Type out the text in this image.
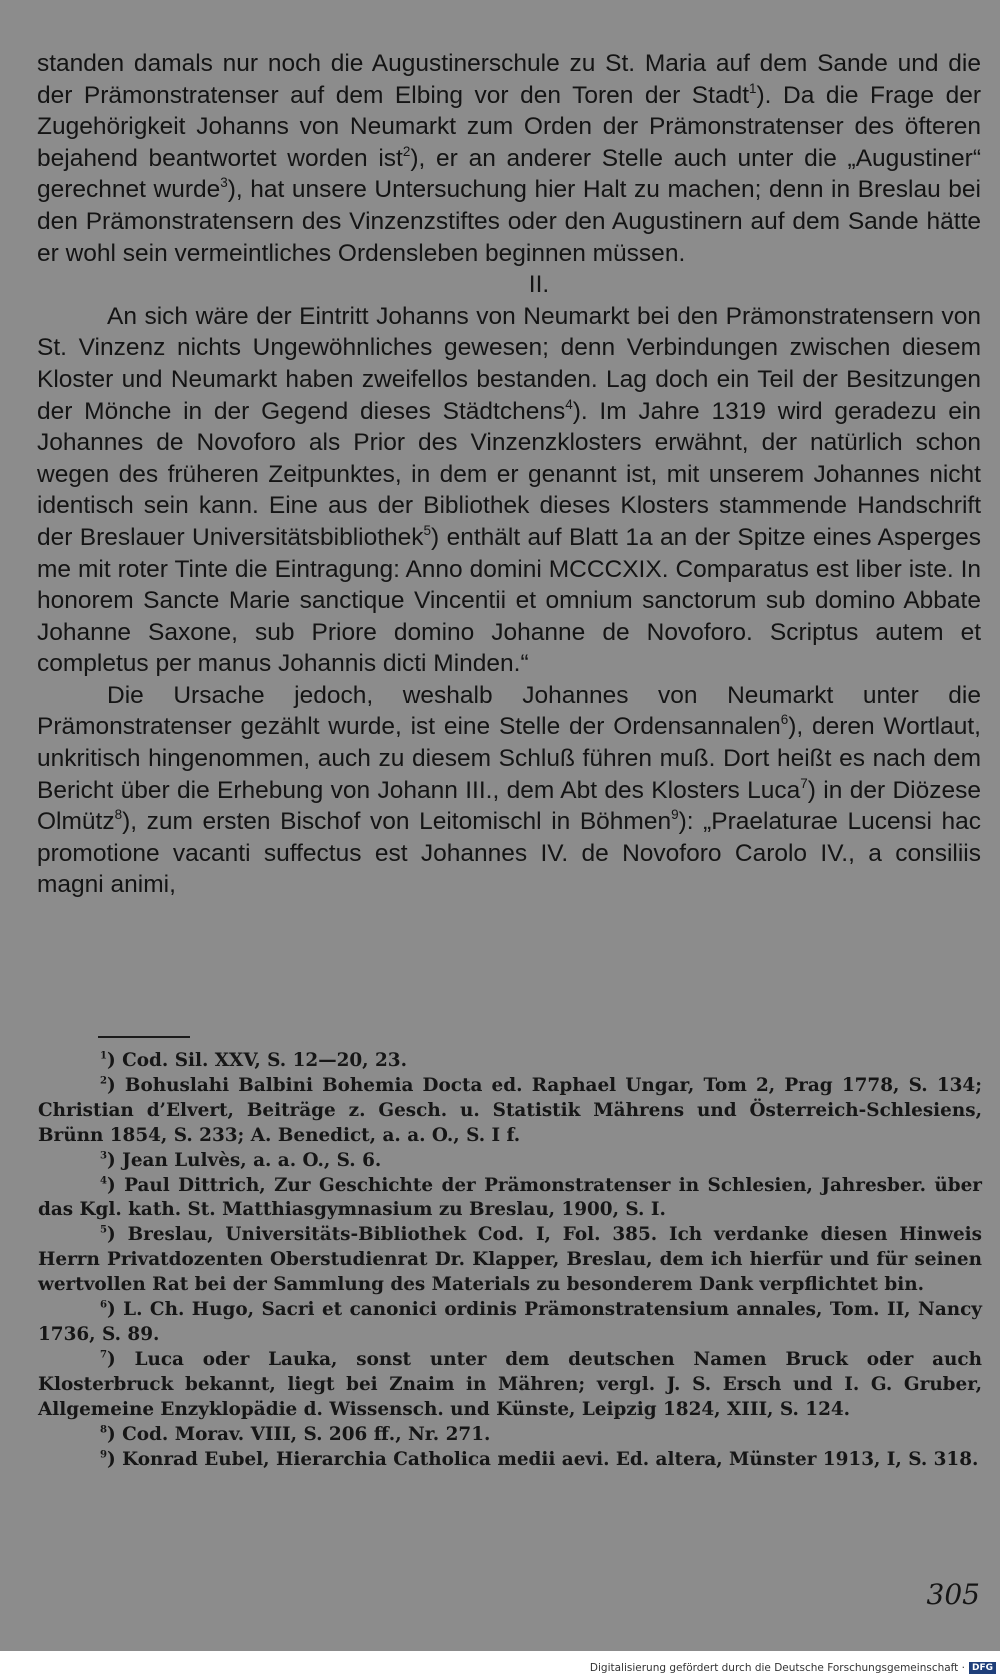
standen damals nur noch die Augustinerschule zu St. Maria auf dem Sande und die der Prämonstratenser auf dem Elbing vor den Toren der Stadt$^1$). Da die Frage der Zugehörigkeit Johanns von Neumarkt zum Orden der Prämonstratenser des öfteren bejahend beantwortet worden ist$^2$), er an anderer Stelle auch unter die „Augustiner“ gerechnet wurde$^3$), hat unsere Untersuchung hier Halt zu machen; denn in Breslau bei den Prämonstratensern des Vinzenzstiftes oder den Augustinern auf dem Sande hätte er wohl sein vermeintliches Ordensleben beginnen müssen.

II.

An sich wäre der Eintritt Johanns von Neumarkt bei den Prämonstratensern von St. Vinzenz nichts Ungewöhnliches gewesen; denn Verbindungen zwischen diesem Kloster und Neumarkt haben zweifellos bestanden. Lag doch ein Teil der Besitzungen der Mönche in der Gegend dieses Städtchens$^4$). Im Jahre 1319 wird geradezu ein Johannes de Novoforo als Prior des Vinzenzklosters erwähnt, der natürlich schon wegen des früheren Zeitpunktes, in dem er genannt ist, mit unserem Johannes nicht identisch sein kann. Eine aus der Bibliothek dieses Klosters stammende Handschrift der Breslauer Universitätsbibliothek$^5$) enthält auf Blatt 1a an der Spitze eines Asperges me mit roter Tinte die Eintragung: Anno domini MCCCXIX. Comparatus est liber iste. In honorem Sancte Marie sanctique Vincentii et omnium sanctorum sub domino Abbate Johanne Saxone, sub Priore domino Johanne de Novoforo. Scriptus autem et completus per manus Johannis dicti Minden.“

Die Ursache jedoch, weshalb Johannes von Neumarkt unter die Prämonstratenser gezählt wurde, ist eine Stelle der Ordensannalen$^6$), deren Wortlaut, unkritisch hingenommen, auch zu diesem Schluß führen muß. Dort heißt es nach dem Bericht über die Erhebung von Johann III., dem Abt des Klosters Luca$^7$) in der Diözese Olmütz$^8$), zum ersten Bischof von Leitomischl in Böhmen$^9$): „Praelaturae Lucensi hac promotione vacanti suffectus est Johannes IV. de Novoforo Carolo IV., a consiliis magni animi,

$^1$) Cod. Sil. XXV, S. 12—20, 23.

$^2$) Bohuslahi Balbini Bohemia Docta ed. Raphael Ungar, Tom 2, Prag 1778, S. 134; Christian d’Elvert, Beiträge z. Gesch. u. Statistik Mährens und Österreich-Schlesiens, Brünn 1854, S. 233; A. Benedict, a. a. O., S. I f.

$^3$) Jean Lulvès, a. a. O., S. 6.

$^4$) Paul Dittrich, Zur Geschichte der Prämonstratenser in Schlesien, Jahresber. über das Kgl. kath. St. Matthiasgymnasium zu Breslau, 1900, S. I.

$^5$) Breslau, Universitäts-Bibliothek Cod. I, Fol. 385. Ich verdanke diesen Hinweis Herrn Privatdozenten Oberstudienrat Dr. Klapper, Breslau, dem ich hierfür und für seinen wertvollen Rat bei der Sammlung des Materials zu besonderem Dank verpflichtet bin.

$^6$) L. Ch. Hugo, Sacri et canonici ordinis Prämonstratensium annales, Tom. II, Nancy 1736, S. 89.

$^7$) Luca oder Lauka, sonst unter dem deutschen Namen Bruck oder auch Klosterbruck bekannt, liegt bei Znaim in Mähren; vergl. J. S. Ersch und I. G. Gruber, Allgemeine Enzyklopädie d. Wissensch. und Künste, Leipzig 1824, XIII, S. 124.

$^8$) Cod. Morav. VIII, S. 206 ff., Nr. 271.

$^9$) Konrad Eubel, Hierarchia Catholica medii aevi. Ed. altera, Münster 1913, I, S. 318.

305
Digitalisierung gefördert durch die Deutsche Forschungsgemeinschaft · DFG
